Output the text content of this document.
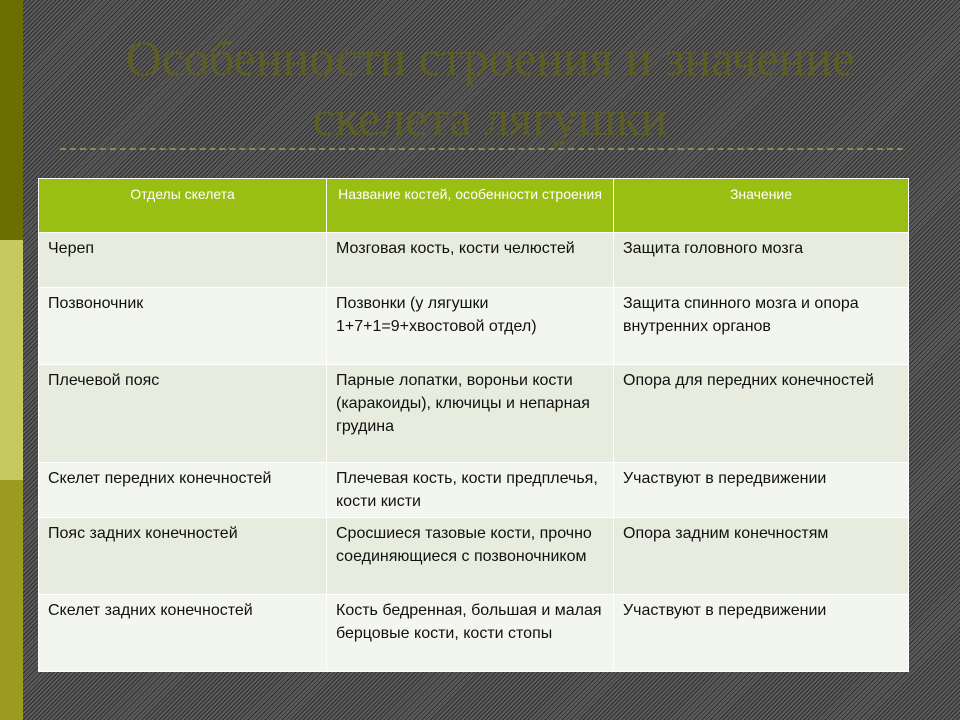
Особенности строения и значение
скелета лягушки
Отделы скелета	Название костей, особенности строения	Значение
Череп	Мозговая кость, кости челюстей	Защита головного мозга
Позвоночник	Позвонки (у лягушки 1+7+1=9+хвостовой отдел)	Защита спинного мозга и опора внутренних органов
Плечевой пояс	Парные лопатки, вороньи кости (каракоиды), ключицы и непарная грудина	Опора для передних конечностей
Скелет передних конечностей	Плечевая кость, кости предплечья, кости кисти	Участвуют в передвижении
Пояс задних конечностей	Сросшиеся тазовые кости, прочно соединяющиеся с позвоночником	Опора задним конечностям
Скелет задних конечностей	Кость бедренная, большая и малая берцовые кости, кости стопы	Участвуют в передвижении
